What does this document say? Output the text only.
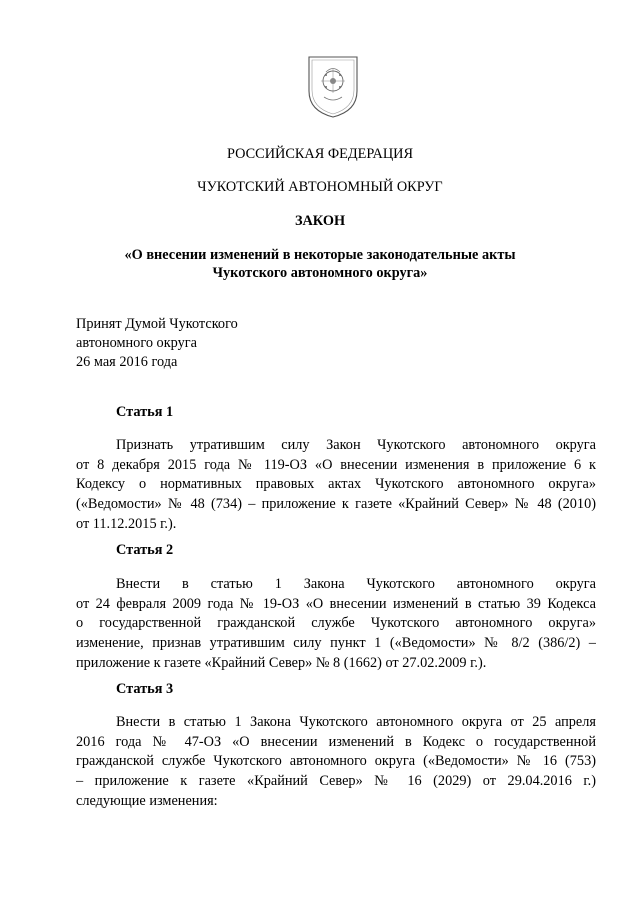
РОССИЙСКАЯ ФЕДЕРАЦИЯ
ЧУКОТСКИЙ АВТОНОМНЫЙ ОКРУГ
ЗАКОН
«О внесении изменений в некоторые законодательные акты
Чукотского автономного округа»
Принят Думой Чукотского
автономного округа
26 мая 2016 года
Статья 1
Признать утратившим силу Закон Чукотского автономного округа
от 8 декабря 2015 года № 119-ОЗ «О внесении изменения в приложение 6 к
Кодексу о нормативных правовых актах Чукотского автономного округа»
(«Ведомости» № 48 (734) – приложение к газете «Крайний Север» № 48 (2010)
от 11.12.2015 г.).
Статья 2
Внести в статью 1 Закона Чукотского автономного округа
от 24 февраля 2009 года № 19-ОЗ «О внесении изменений в статью 39 Кодекса
о государственной гражданской службе Чукотского автономного округа»
изменение, признав утратившим силу пункт 1 («Ведомости» № 8/2 (386/2) –
приложение к газете «Крайний Север» № 8 (1662) от 27.02.2009 г.).
Статья 3
Внести в статью 1 Закона Чукотского автономного округа от 25 апреля
2016 года № 47-ОЗ «О внесении изменений в Кодекс о государственной
гражданской службе Чукотского автономного округа («Ведомости» № 16 (753)
– приложение к газете «Крайний Север» № 16 (2029) от 29.04.2016 г.)
следующие изменения:
